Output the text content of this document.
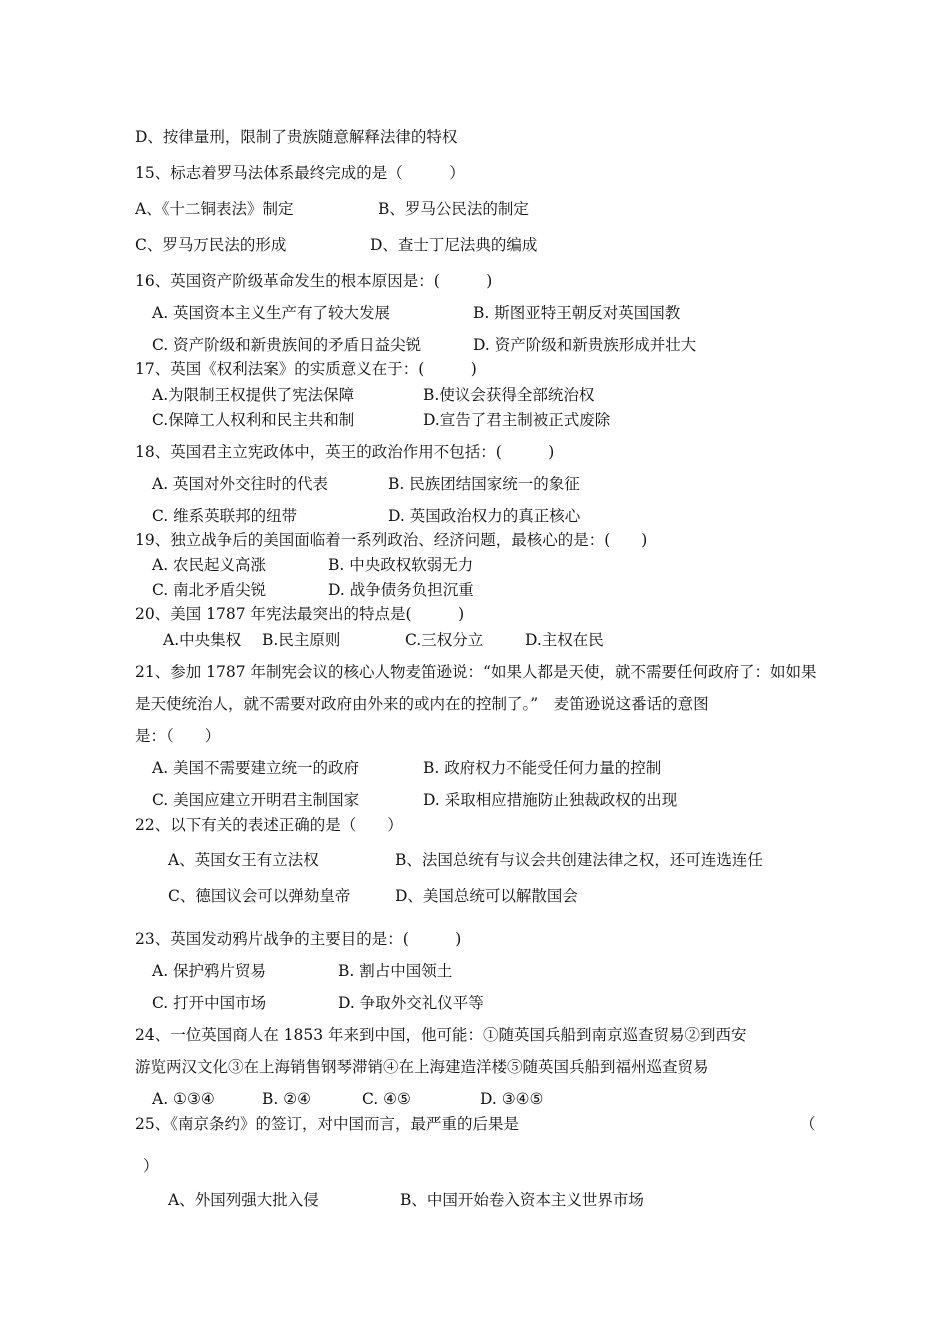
D、按律量刑，限制了贵族随意解释法律的特权
15、标志着罗马法体系最终完成的是（　　　）
A、《十二铜表法》制定	B、罗马公民法的制定
C、罗马万民法的形成	D、查士丁尼法典的编成
16、英国资产阶级革命发生的根本原因是：(　　　)
A. 英国资本主义生产有了较大发展	B. 斯图亚特王朝反对英国国教
C. 资产阶级和新贵族间的矛盾日益尖锐	D. 资产阶级和新贵族形成并壮大
17、英国《权利法案》的实质意义在于：(　　　)
A.为限制王权提供了宪法保障	B.使议会获得全部统治权
C.保障工人权利和民主共和制	D.宣告了君主制被正式废除
18、英国君主立宪政体中，英王的政治作用不包括：(　　　)
A. 英国对外交往时的代表	B. 民族团结国家统一的象征
C. 维系英联邦的纽带	D. 英国政治权力的真正核心
19、独立战争后的美国面临着一系列政治、经济问题，最核心的是：(　　)
A. 农民起义高涨	B. 中央政权软弱无力
C. 南北矛盾尖锐	D. 战争债务负担沉重
20、美国 1787 年宪法最突出的特点是(　　　)
A.中央集权 B.民主原则	C.三权分立	D.主权在民
21、参加 1787 年制宪会议的核心人物麦笛逊说：“如果人都是天使，就不需要任何政府了：如如果
是天使统治人，就不需要对政府由外来的或内在的控制了。”　麦笛逊说这番话的意图
是：（　　）
A. 美国不需要建立统一的政府	B. 政府权力不能受任何力量的控制
C. 美国应建立开明君主制国家	D. 采取相应措施防止独裁政权的出现
22、以下有关的表述正确的是（　　）
A、英国女王有立法权	B、法国总统有与议会共创建法律之权，还可连选连任
C、德国议会可以弹劾皇帝	D、美国总统可以解散国会
23、英国发动鸦片战争的主要目的是：(　　　)
A. 保护鸦片贸易	B. 割占中国领土
C. 打开中国市场	D. 争取外交礼仪平等
24、一位英国商人在 1853 年来到中国，他可能：①随英国兵船到南京巡查贸易②到西安
游览两汉文化③在上海销售钢琴滞销④在上海建造洋楼⑤随英国兵船到福州巡查贸易
A. ①③④	B. ②④	C. ④⑤	D. ③④⑤
25、《南京条约》的签订，对中国而言，最严重的后果是	（
）
A、外国列强大批入侵	B、中国开始卷入资本主义世界市场
